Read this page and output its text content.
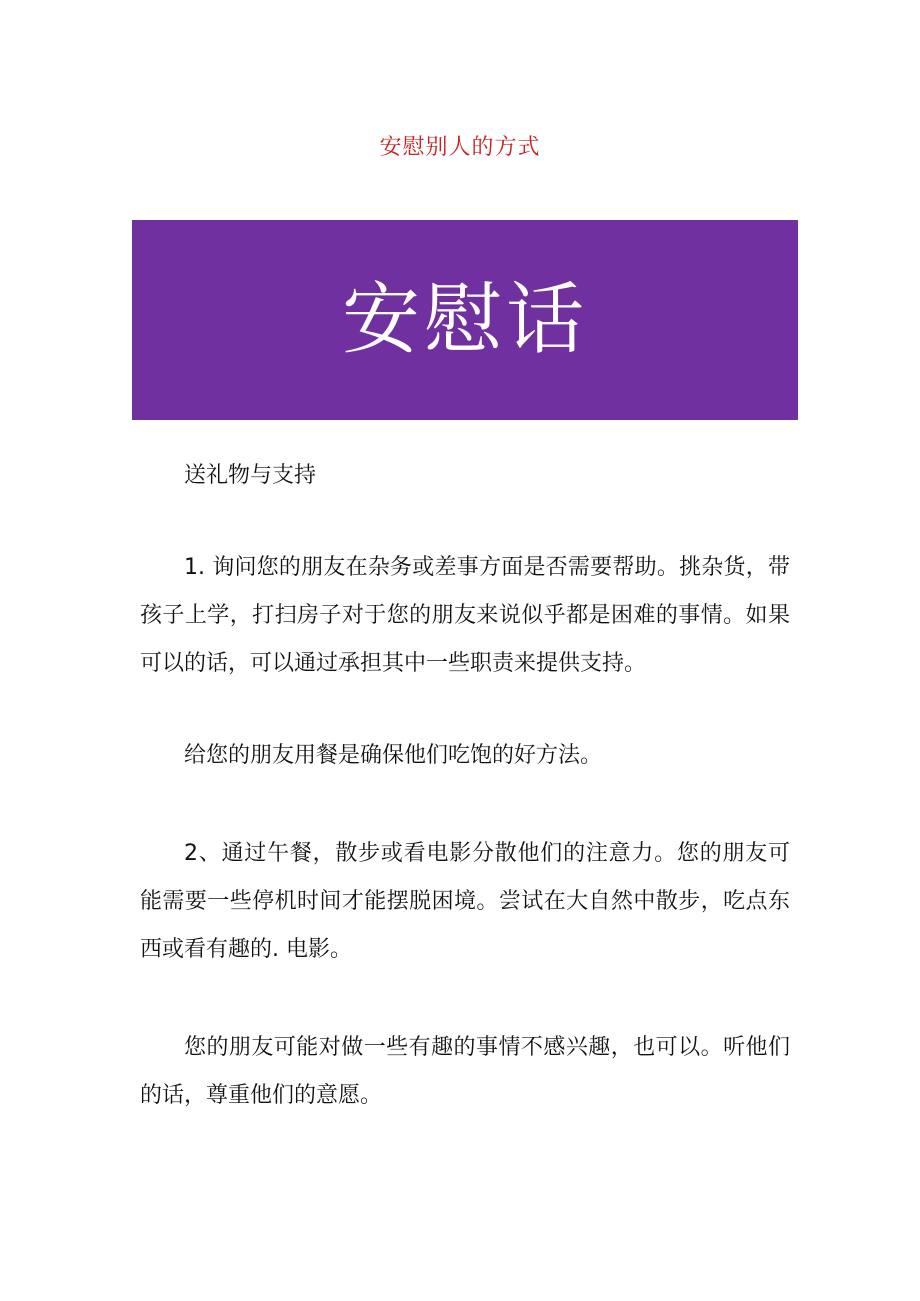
安慰别人的方式
安慰话

送礼物与支持

1. 询问您的朋友在杂务或差事方面是否需要帮助。挑杂货，带孩子上学，打扫房子对于您的朋友来说似乎都是困难的事情。如果可以的话，可以通过承担其中一些职责来提供支持。

给您的朋友用餐是确保他们吃饱的好方法。

2、通过午餐，散步或看电影分散他们的注意力。您的朋友可能需要一些停机时间才能摆脱困境。尝试在大自然中散步，吃点东西或看有趣的. 电影。

您的朋友可能对做一些有趣的事情不感兴趣，也可以。听他们的话，尊重他们的意愿。
